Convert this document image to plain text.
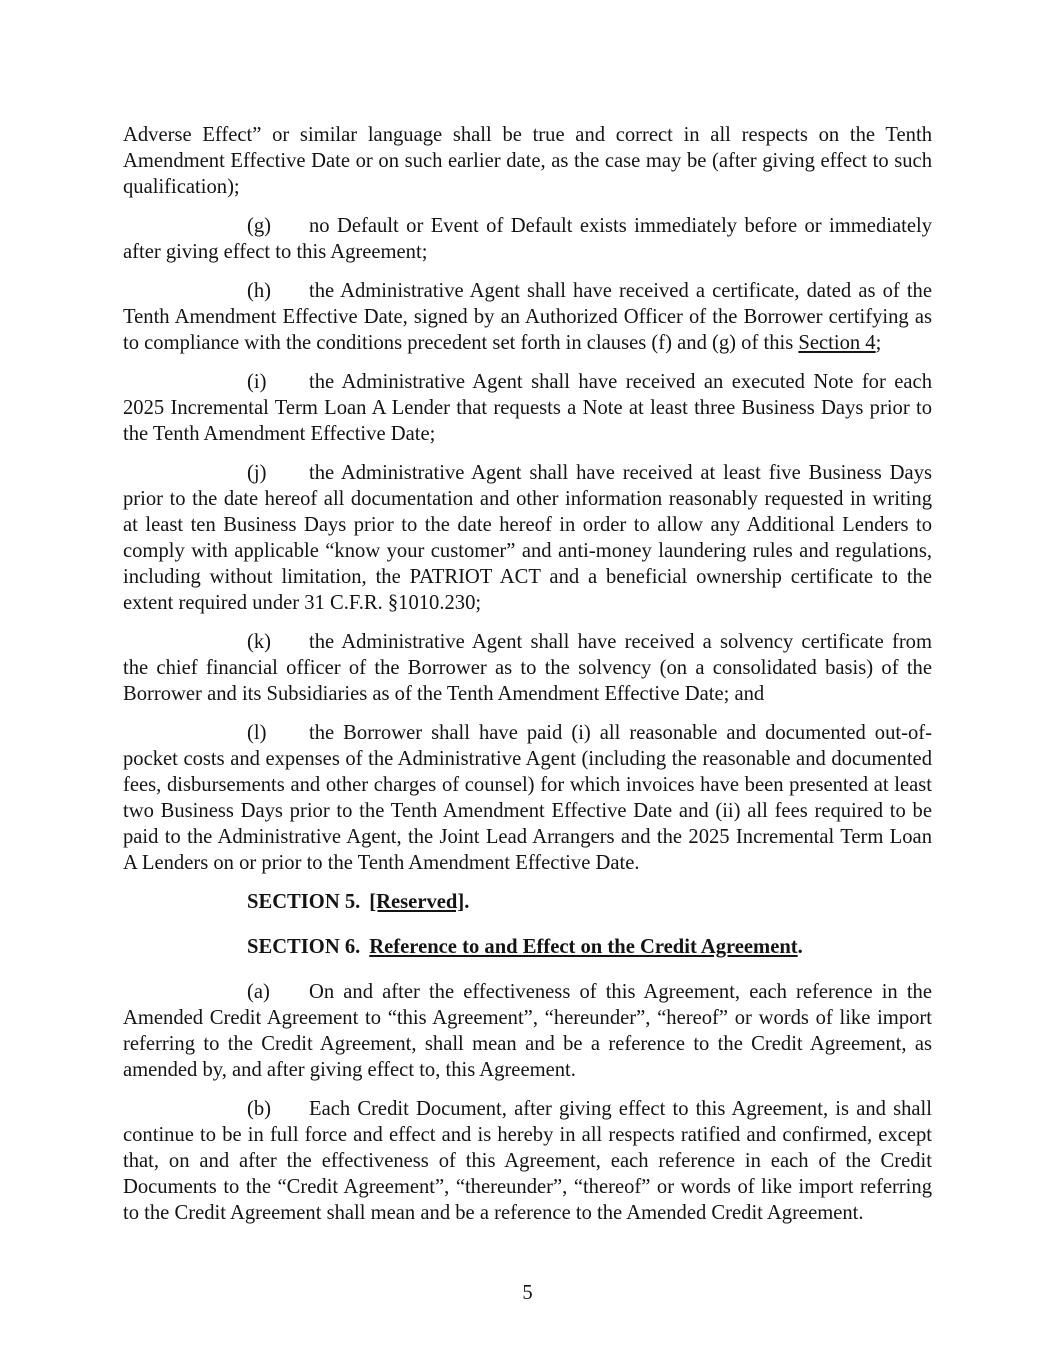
Adverse Effect” or similar language shall be true and correct in all respects on the Tenth Amendment Effective Date or on such earlier date, as the case may be (after giving effect to such qualification);

(g) no Default or Event of Default exists immediately before or immediately after giving effect to this Agreement;

(h) the Administrative Agent shall have received a certificate, dated as of the Tenth Amendment Effective Date, signed by an Authorized Officer of the Borrower certifying as to compliance with the conditions precedent set forth in clauses (f) and (g) of this Section 4;

(i) the Administrative Agent shall have received an executed Note for each 2025 Incremental Term Loan A Lender that requests a Note at least three Business Days prior to the Tenth Amendment Effective Date;

(j) the Administrative Agent shall have received at least five Business Days prior to the date hereof all documentation and other information reasonably requested in writing at least ten Business Days prior to the date hereof in order to allow any Additional Lenders to comply with applicable “know your customer” and anti-money laundering rules and regulations, including without limitation, the PATRIOT ACT and a beneficial ownership certificate to the extent required under 31 C.F.R. §1010.230;

(k) the Administrative Agent shall have received a solvency certificate from the chief financial officer of the Borrower as to the solvency (on a consolidated basis) of the Borrower and its Subsidiaries as of the Tenth Amendment Effective Date; and

(l) the Borrower shall have paid (i) all reasonable and documented out-of-pocket costs and expenses of the Administrative Agent (including the reasonable and documented fees, disbursements and other charges of counsel) for which invoices have been presented at least two Business Days prior to the Tenth Amendment Effective Date and (ii) all fees required to be paid to the Administrative Agent, the Joint Lead Arrangers and the 2025 Incremental Term Loan A Lenders on or prior to the Tenth Amendment Effective Date.

SECTION 5. [Reserved].

SECTION 6. Reference to and Effect on the Credit Agreement.

(a) On and after the effectiveness of this Agreement, each reference in the Amended Credit Agreement to “this Agreement”, “hereunder”, “hereof” or words of like import referring to the Credit Agreement, shall mean and be a reference to the Credit Agreement, as amended by, and after giving effect to, this Agreement.

(b) Each Credit Document, after giving effect to this Agreement, is and shall continue to be in full force and effect and is hereby in all respects ratified and confirmed, except that, on and after the effectiveness of this Agreement, each reference in each of the Credit Documents to the “Credit Agreement”, “thereunder”, “thereof” or words of like import referring to the Credit Agreement shall mean and be a reference to the Amended Credit Agreement.

5
